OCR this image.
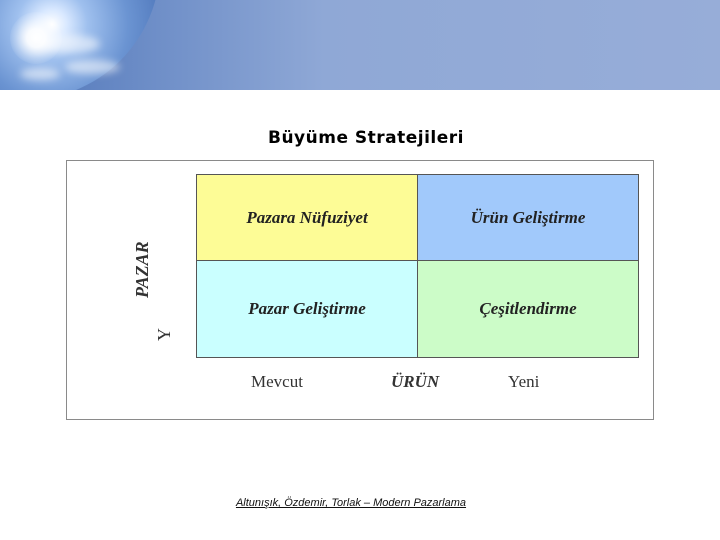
Büyüme Stratejileri
Pazara Nüfuziyet	Ürün Geliştirme
Pazar Geliştirme	Çeşitlendirme
PAZAR
Y
Mevcut	ÜRÜN	Yeni
Altunışık, Özdemir, Torlak – Modern Pazarlama
